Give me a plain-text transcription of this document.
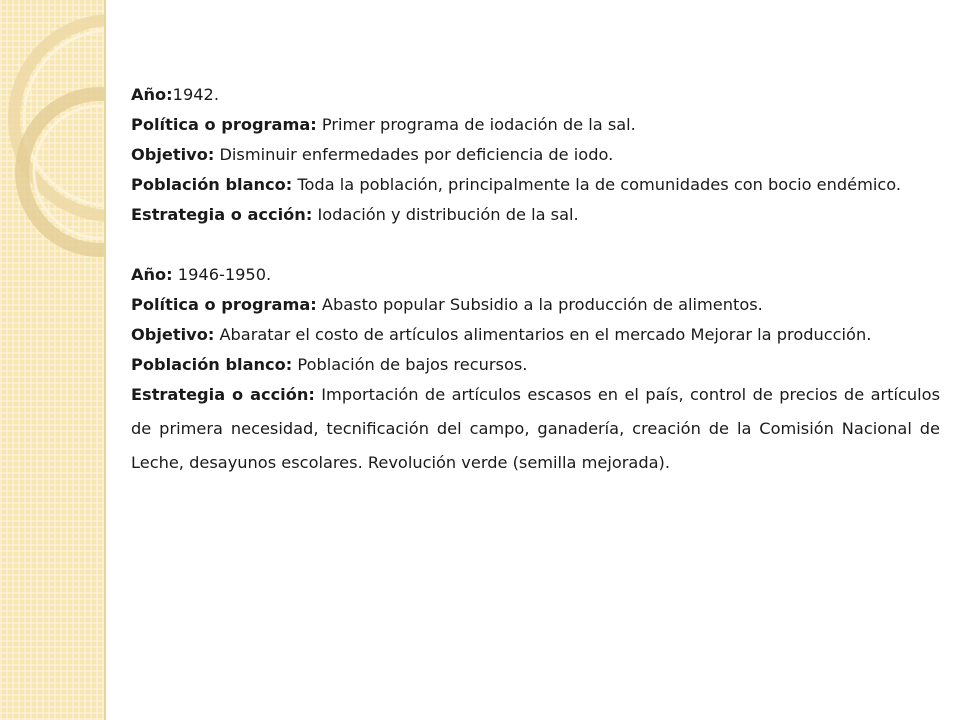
Año:1942.

Política o programa: Primer programa de iodación de la sal.

Objetivo: Disminuir enfermedades por deficiencia de iodo.

Población blanco: Toda la población, principalmente la de comunidades con bocio endémico.

Estrategia o acción: Iodación y distribución de la sal.

Año: 1946-1950.

Política o programa: Abasto popular Subsidio a la producción de alimentos.

Objetivo: Abaratar el costo de artículos alimentarios en el mercado Mejorar la producción.

Población blanco: Población de bajos recursos.

Estrategia o acción: Importación de artículos escasos en el país, control de precios de artículos de primera necesidad, tecnificación del campo, ganadería, creación de la Comisión Nacional de Leche, desayunos escolares. Revolución verde (semilla mejorada).
